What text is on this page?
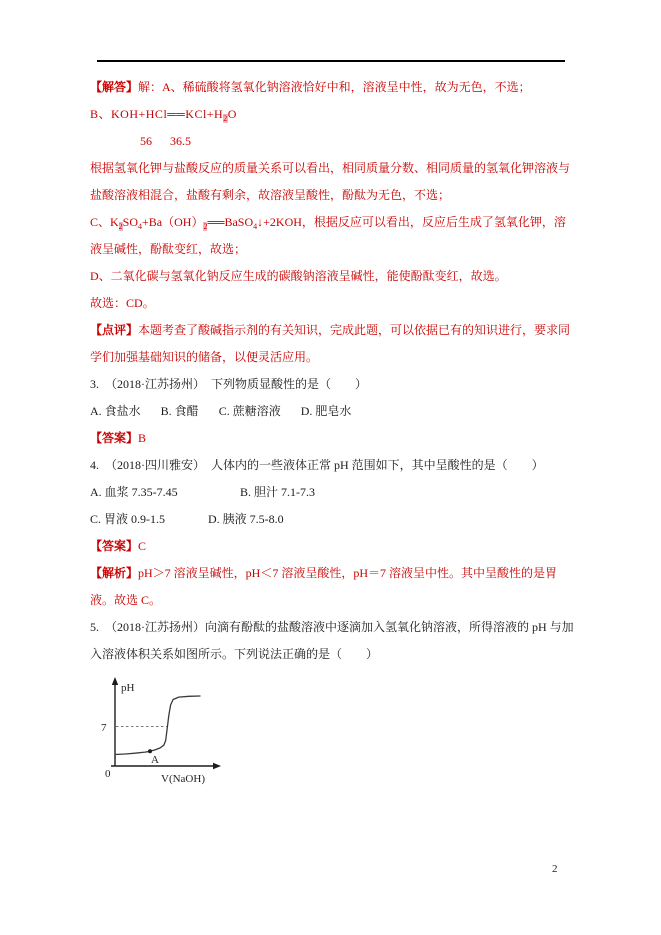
【解答】解：A、稀硫酸将氢氧化钠溶液恰好中和，溶液呈中性，故为无色，不选；

B、$KOH+HCl══KCl+H_2O$

56 36.5

根据氢氧化钾与盐酸反应的质量关系可以看出，相同质量分数、相同质量的氢氧化钾溶液与盐酸溶液相混合，盐酸有剩余，故溶液呈酸性，酚酞为无色，不选；

C、$K_2SO_4+Ba(OH)_2══BaSO_4↓+2KOH$，根据反应可以看出，反应后生成了氢氧化钾，溶液呈碱性，酚酞变红，故选；

D、二氧化碳与氢氧化钠反应生成的碳酸钠溶液呈碱性，能使酚酞变红，故选。

故选：CD。

【点评】本题考查了酸碱指示剂的有关知识，完成此题，可以依据已有的知识进行，要求同学们加强基础知识的储备，以便灵活应用。

3.　（2018·江苏扬州）　下列物质显酸性的是（　　）

A. 食盐水 B. 食醋 C. 蔗糖溶液 D. 肥皂水

【答案】B

4.　（2018·四川雅安）　人体内的一些液体正常 pH 范围如下，其中呈酸性的是（　　）

A. 血浆 7.35-7.45	B. 胆汁 7.1-7.3

C. 胃液 0.9-1.5	D. 胰液 7.5-8.0

【答案】C

【解析】pH＞7 溶液呈碱性，pH＜7 溶液呈酸性，pH＝7 溶液呈中性。其中呈酸性的是胃液。故选 C。

5.　（2018·江苏扬州）向滴有酚酞的盐酸溶液中逐滴加入氢氧化钠溶液，所得溶液的 pH 与加入溶液体积关系如图所示。下列说法正确的是（　　）

pH
7
0
A
V(NaOH)
2
